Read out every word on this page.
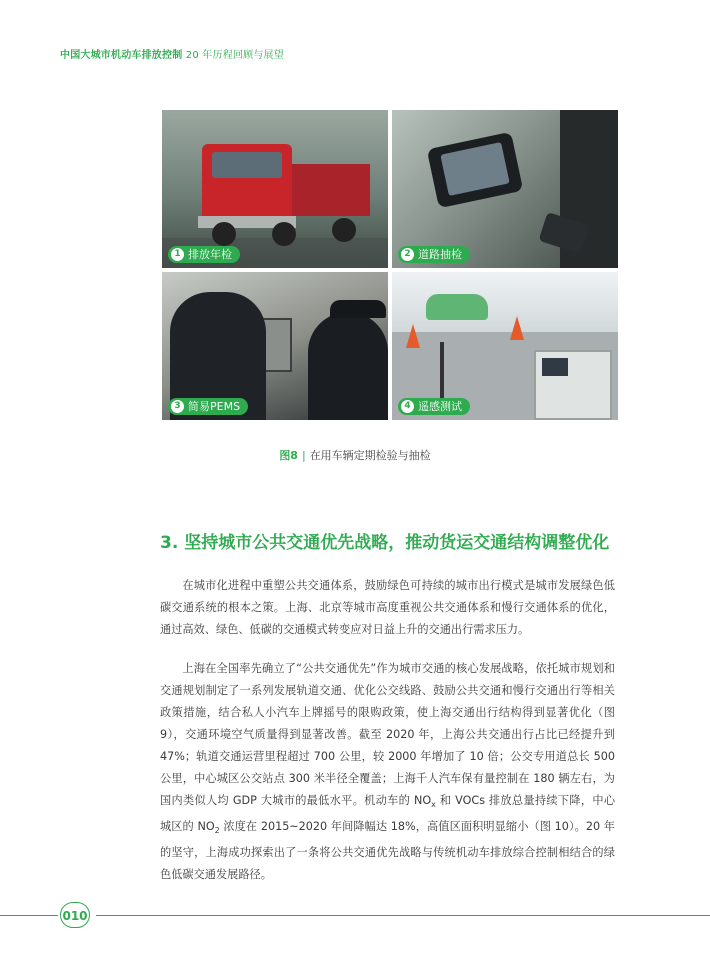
中国大城市机动车排放控制 20 年历程回顾与展望
1 排放年检	2 道路抽检
3 简易PEMS	4 遥感测试
图8 | 在用车辆定期检验与抽检
3. 坚持城市公共交通优先战略，推动货运交通结构调整优化

在城市化进程中重塑公共交通体系，鼓励绿色可持续的城市出行模式是城市发展绿色低碳交通系统的根本之策。上海、北京等城市高度重视公共交通体系和慢行交通体系的优化，通过高效、绿色、低碳的交通模式转变应对日益上升的交通出行需求压力。

上海在全国率先确立了“公共交通优先”作为城市交通的核心发展战略，依托城市规划和交通规划制定了一系列发展轨道交通、优化公交线路、鼓励公共交通和慢行交通出行等相关政策措施，结合私人小汽车上牌摇号的限购政策，使上海交通出行结构得到显著优化（图 9），交通环境空气质量得到显著改善。截至 2020 年，上海公共交通出行占比已经提升到 47%；轨道交通运营里程超过 700 公里，较 2000 年增加了 10 倍；公交专用道总长 500 公里，中心城区公交站点 300 米半径全覆盖；上海千人汽车保有量控制在 180 辆左右，为国内类似人均 GDP 大城市的最低水平。机动车的 $NO_x$ 和 VOCs 排放总量持续下降，中心城区的 $NO_2$ 浓度在 2015~2020 年间降幅达 18%，高值区面积明显缩小（图 10）。20 年的坚守，上海成功探索出了一条将公共交通优先战略与传统机动车排放综合控制相结合的绿色低碳交通发展路径。

010
